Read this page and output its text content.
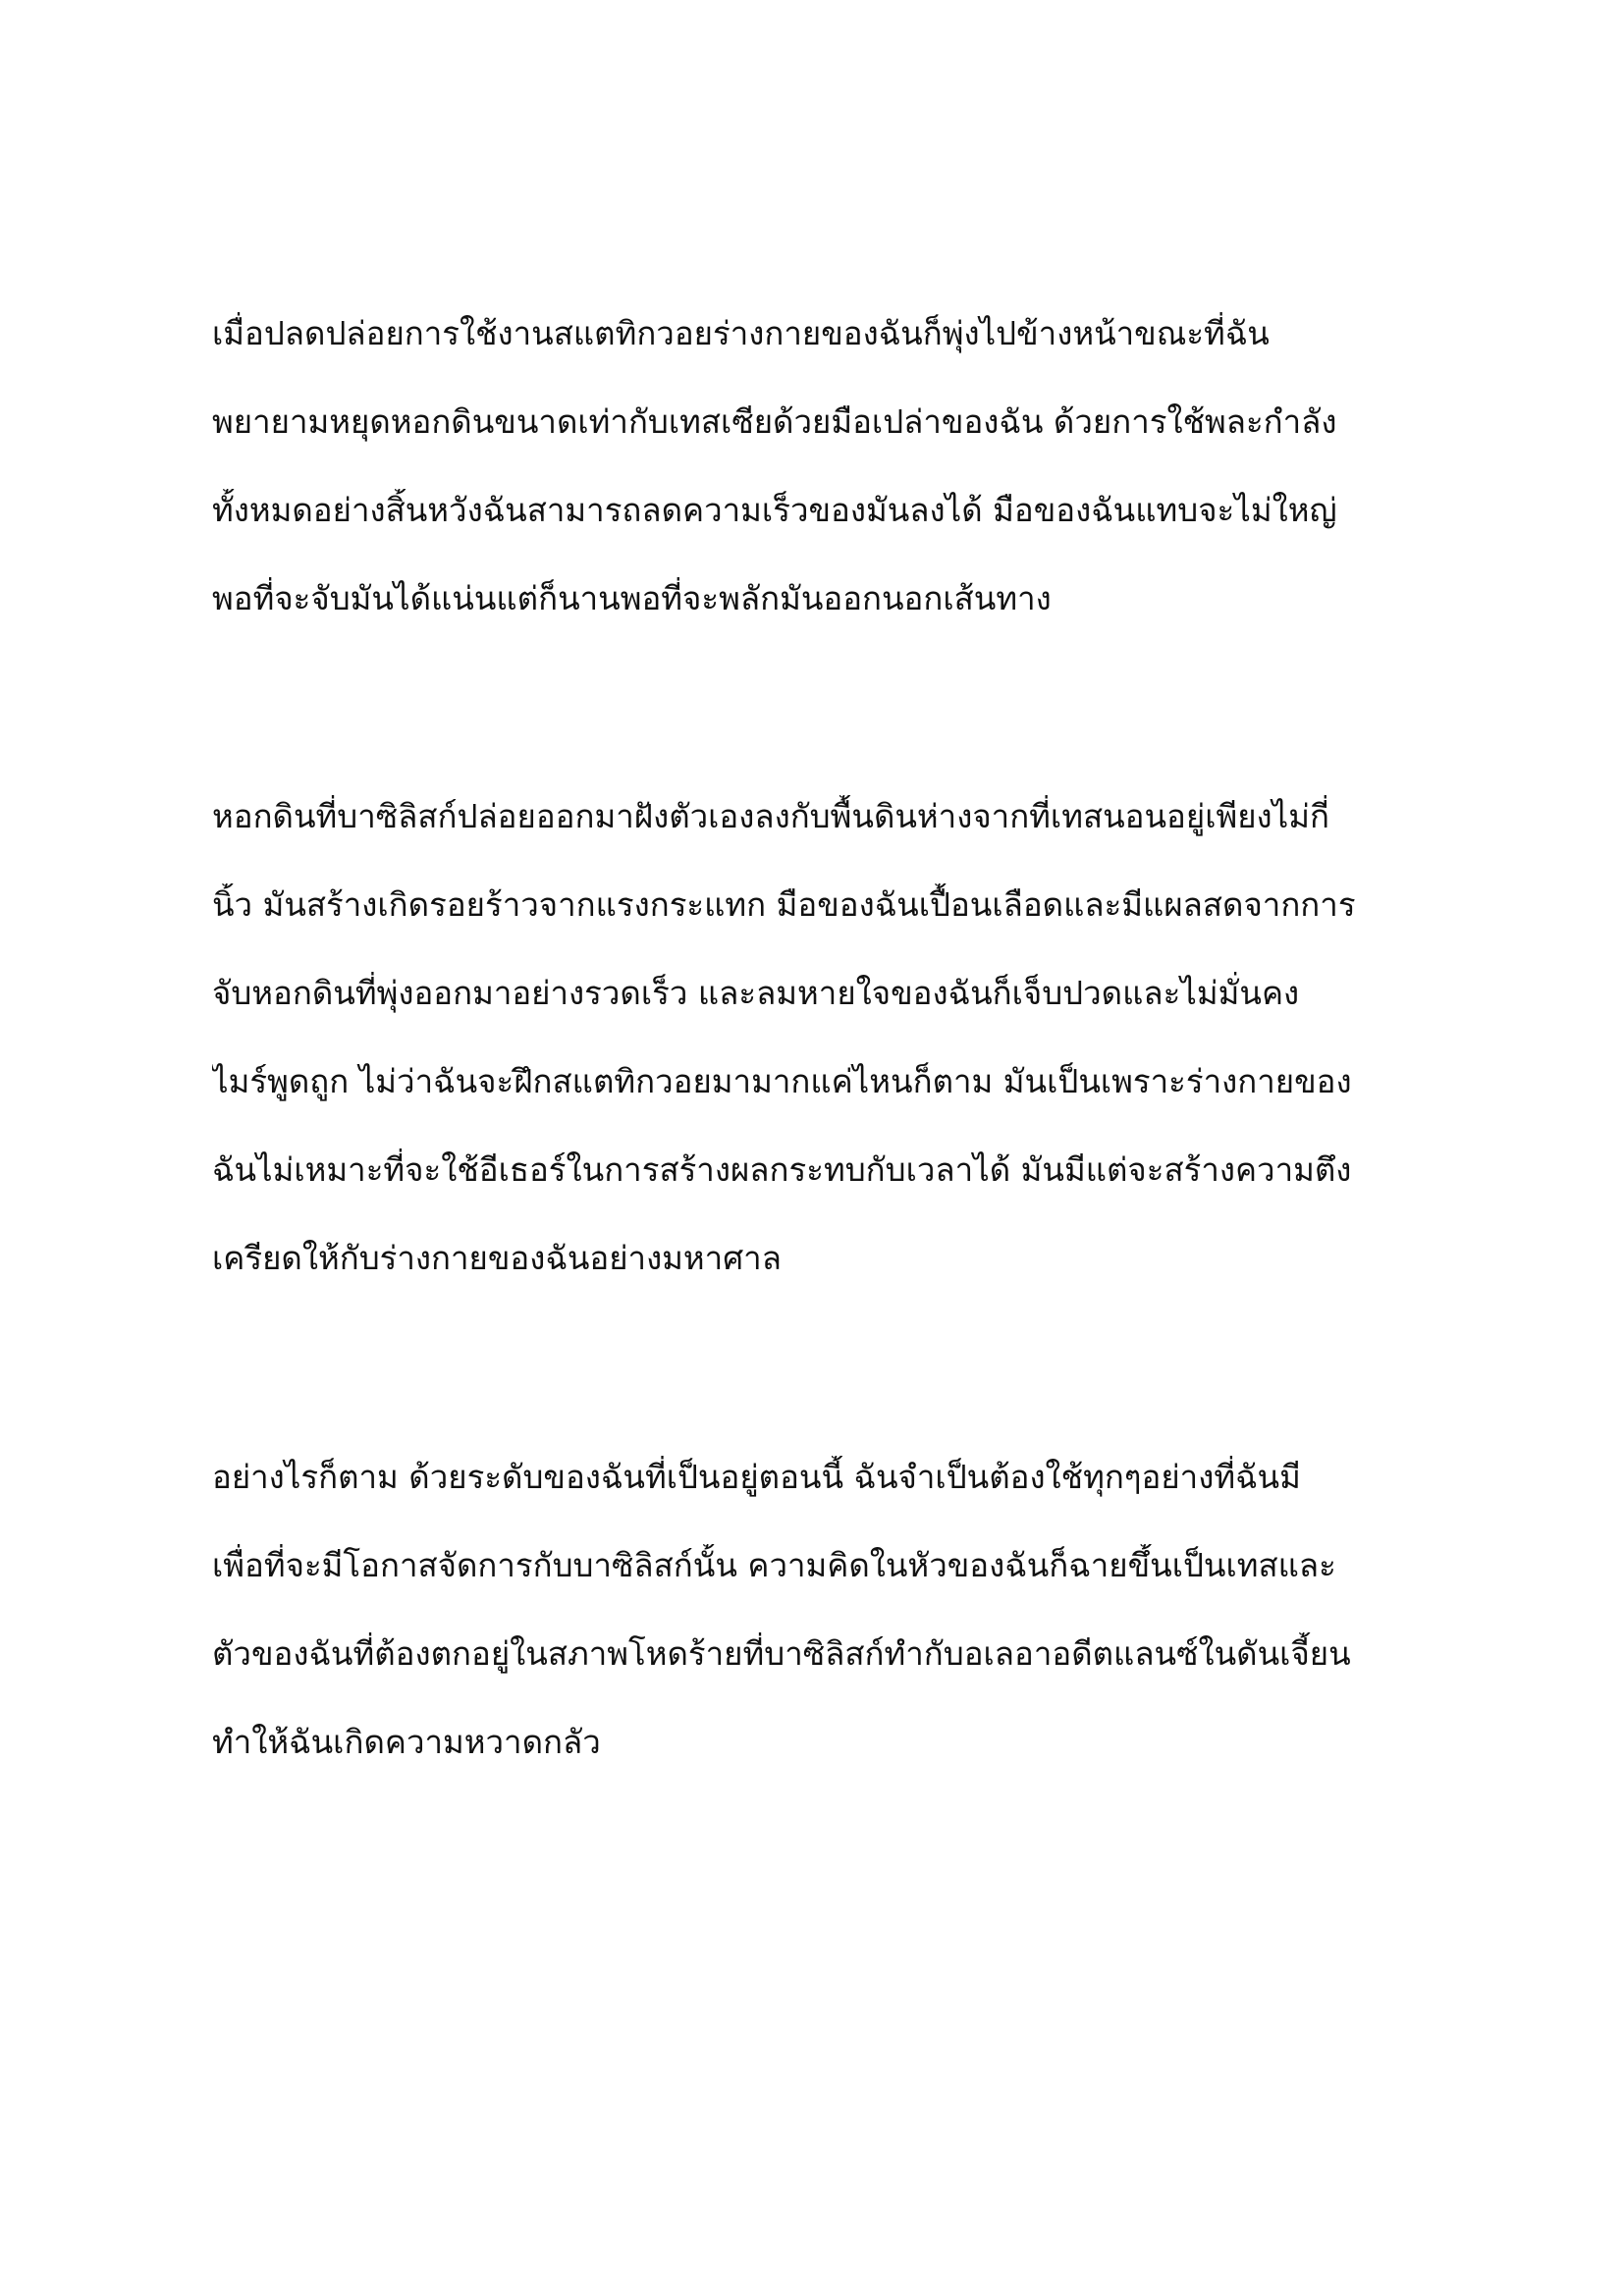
เมื่อปลดปล่อยการใช้งานสแตทิกวอยร่างกายของฉันก็พุ่งไปข้างหน้าขณะที่ฉัน
พยายามหยุดหอกดินขนาดเท่ากับเทสเซียด้วยมือเปล่าของฉัน ด้วยการใช้พละกำลัง
ทั้งหมดอย่างสิ้นหวังฉันสามารถลดความเร็วของมันลงได้ มือของฉันแทบจะไม่ใหญ่
พอที่จะจับมันได้แน่นแต่ก็นานพอที่จะพลักมันออกนอกเส้นทาง
หอกดินที่บาซิลิสก์ปล่อยออกมาฝังตัวเองลงกับพื้นดินห่างจากที่เทสนอนอยู่เพียงไม่กี่
นิ้ว มันสร้างเกิดรอยร้าวจากแรงกระแทก มือของฉันเปื้อนเลือดและมีแผลสดจากการ
จับหอกดินที่พุ่งออกมาอย่างรวดเร็ว และลมหายใจของฉันก็เจ็บปวดและไม่มั่นคง
ไมร์พูดถูก ไม่ว่าฉันจะฝึกสแตทิกวอยมามากแค่ไหนก็ตาม มันเป็นเพราะร่างกายของ
ฉันไม่เหมาะที่จะใช้อีเธอร์ในการสร้างผลกระทบกับเวลาได้ มันมีแต่จะสร้างความตึง
เครียดให้กับร่างกายของฉันอย่างมหาศาล
อย่างไรก็ตาม ด้วยระดับของฉันที่เป็นอยู่ตอนนี้ ฉันจำเป็นต้องใช้ทุกๆอย่างที่ฉันมี
เพื่อที่จะมีโอกาสจัดการกับบาซิลิสก์นั้น ความคิดในหัวของฉันก็ฉายขึ้นเป็นเทสและ
ตัวของฉันที่ต้องตกอยู่ในสภาพโหดร้ายที่บาซิลิสก์ทำกับอเลอาอดีตแลนซ์ในดันเจี้ยน
ทำให้ฉันเกิดความหวาดกลัว
